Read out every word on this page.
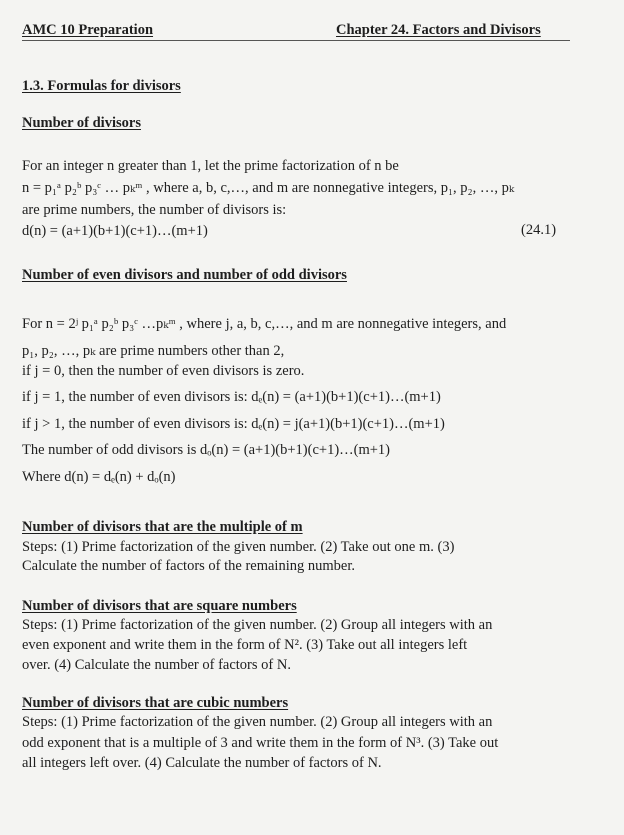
AMC 10 Preparation	Chapter 24. Factors and Divisors
1.3. Formulas for divisors
Number of divisors
For an integer n greater than 1, let the prime factorization of n be
n = p₁ᵃ p₂ᵇ p₃ᶜ … pₖᵐ , where a, b, c,…, and m are nonnegative integers, p₁, p₂, …, pₖ
are prime numbers, the number of divisors is:
d(n) = (a+1)(b+1)(c+1)…(m+1)	(24.1)
Number of even divisors and number of odd divisors
For n = 2ʲ p₁ᵃ p₂ᵇ p₃ᶜ …pₖᵐ , where j, a, b, c,…, and m are nonnegative integers, and
p₁, p₂, …, pₖ are prime numbers other than 2,
if j = 0, then the number of even divisors is zero.
if j = 1, the number of even divisors is: dₑ(n) = (a+1)(b+1)(c+1)…(m+1)
if j > 1, the number of even divisors is: dₑ(n) = j(a+1)(b+1)(c+1)…(m+1)
The number of odd divisors is dₒ(n) = (a+1)(b+1)(c+1)…(m+1)
Where d(n) = dₑ(n) + dₒ(n)
Number of divisors that are the multiple of m
Steps: (1) Prime factorization of the given number. (2) Take out one m. (3)
Calculate the number of factors of the remaining number.
Number of divisors that are square numbers
Steps: (1) Prime factorization of the given number. (2) Group all integers with an
even exponent and write them in the form of N². (3) Take out all integers left
over. (4) Calculate the number of factors of N.
Number of divisors that are cubic numbers
Steps: (1) Prime factorization of the given number. (2) Group all integers with an
odd exponent that is a multiple of 3 and write them in the form of N³. (3) Take out
all integers left over. (4) Calculate the number of factors of N.
